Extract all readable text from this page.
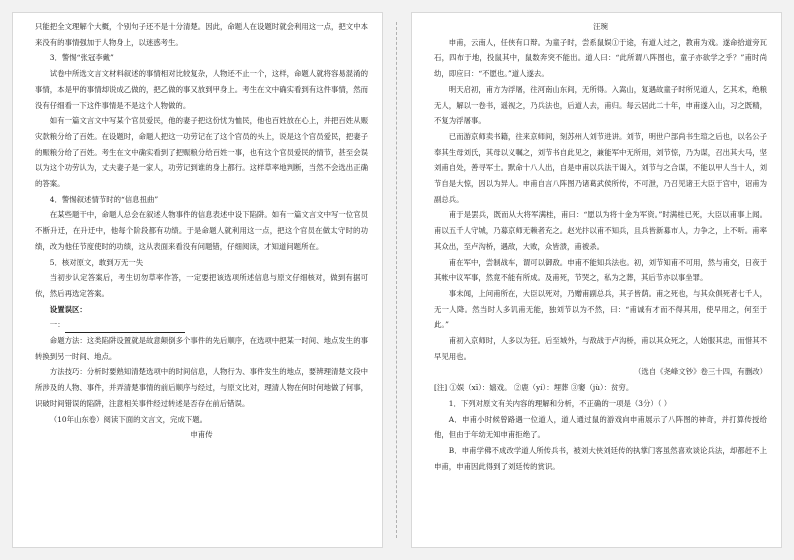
只能把全文理解个大概，个别句子还不是十分清楚。因此，命题人在设题时就会利用这一点，把文中本来没有的事情强加于人物身上，以迷惑考生。

3．警惕“张冠李戴”

试卷中所选文言文材料叙述的事情相对比较复杂，人物还不止一个，这样，命题人就将容易混淆的事情，本是甲的事情却说成乙做的，把乙做的事又放到甲身上。考生在文中确实看到有这件事情，然而没有仔细看一下这件事情是不是这个人物做的。

如有一篇文言文中写某个官员爱民，他的妻子把这份忧为恤民，他也百姓放在心上，并把百姓从赈灾款粮分给了百姓。在设题时，命题人把这一功劳记在了这个官员的头上，说是这个官员爱民，把妻子的赈粮分给了百姓。考生在文中确实看到了把赈粮分给百姓一事，也有这个官员爱民的情节，甚至会误以为这个功劳认为，丈夫妻子是一家人，功劳记到谁的身上都行。这样草率地判断，当然不会选出正确的答案。

4．警惕叙述情节时的“信息扭曲”

在某些题干中，命题人总会在叙述人物事件的信息表述中设下陷阱。如有一篇文言文中写一位官员不断升迁，在升迁中，他每个阶段都有功绩。于是命题人就利用这一点，把这个官员在做太守时的功绩，改为他任节度使时的功绩，这从表面来看没有问题错，仔细阅读，才知道问题所在。

5．核对原文，敢到万无一失

当初步认定答案后，考生切勿草率作答，一定要把该选项所述信息与原文仔细核对，做到有据可依，然后再选定答案。

设置误区：

一：

命题方法：这类陷阱设置就是故意颠倒多个事件的先后顺序，在选项中把某一时间、地点发生的事转换到另一时间、地点。

方法技巧：分析时要熟知清楚选项中的时间信息，人物行为、事件发生的地点，要辨理清楚文段中所涉及的人物、事件，并弄清楚事情的前后顺序与经过，与原文比对，理清人物在何时何地做了何事，识破时间错误的陷阱，注意相关事件经过转述是否存在前后错误。

（10年山东卷）阅读下面的文言文，完成下题。

申甫传

汪琬

申甫，云南人，任侠有口辩。为童子时，尝系鼠娱①于途，有道人过之，教甫为戏。遂命拾道旁瓦石，四布于地，投鼠其中，鼠数奔突不能出。道人曰：“此所谓八阵图也，童子亦欲学之乎？”甫时尚幼，即应曰：“不愿也。”道人遂去。

明天启初，甫方为浮屠，往河南山东间，无所得。入嵩山，复遇故童子时所见道人，乞其术，绝粮无人，解以一卷书，遥视之，乃兵法也，后道人去，甫归。每云居此二十年，申甫遂入山，习之既精，不复为浮屠事。

已而游京师卖书籍，往来京师间，刻苏州人刘节进讲。刘节，明世户部尚书生瑄之后也，以名公子奉其生母刘氏，其母以义嘱之，刘节书自此见之，兼能军中无所用，刘节惊，乃为谋，召出其大马，坚刘甫自处，善寻军士。默命十八人出，自是申甫以兵法干谒入，刘节与之合谋，不能以甲人当十人，刘节自是大惊，因以为异人。申甫自言八阵图乃诸葛武侯所传，不可泄，乃召见诸王大臣于宫中，诏甫为副总兵。

甫于是罢兵，既而从大将军满桂，甫曰：“愿以为将十金为军资。”时满桂已死，大臣以甫事上闻。甫以五千人守城，乃募京师无赖者充之。赵光抃以甫不知兵，且兵皆新募市人，力争之，上不听。甫率其众出，至卢沟桥，遇敌，大败，众皆溃，甫被杀。

甫在军中，尝制战车，谓可以御敌。申甫不能知兵法也。初，刘节知甫不可用，然与甫交，日夜于其帐中议军事，然竟不能有所成。及甫死，节哭之，私为之葬，其后节亦以事坐罪。

事未闻，上问甫所在，大臣以死对，乃赠甫副总兵，其子皆荫。甫之死也，与其众俱死者七千人，无一人降。然当时人多讥甫无能，独刘节以为不然，曰：“甫诚有才而不得其用，使早用之，何至于此。”

甫初入京师时，人多以为狂。后至城外，与敌战于卢沟桥，甫以其众死之，人始服其忠，而惜其不早见用也。

（选自《尧峰文钞》卷三十四，有删改）

[注] ①娱（xī）：嬉戏。 ②鹿（yí）：埋葬 ③窭（jù）：贫穷。

1．下列对原文有关内容的理解和分析，不正确的一项是（3分）（ ）

A．申甫小时候曾路遇一位道人，道人通过鼠的游戏向申甫展示了八阵图的神奇，并打算传授给他，但由于年幼无知申甫拒绝了。

B．申甫学佛不成改学道人所传兵书，被刘大侠刘廷传的执掌门客虽然喜欢谈论兵法，却都赶不上申甫，申甫因此得到了刘廷传的赏识。
